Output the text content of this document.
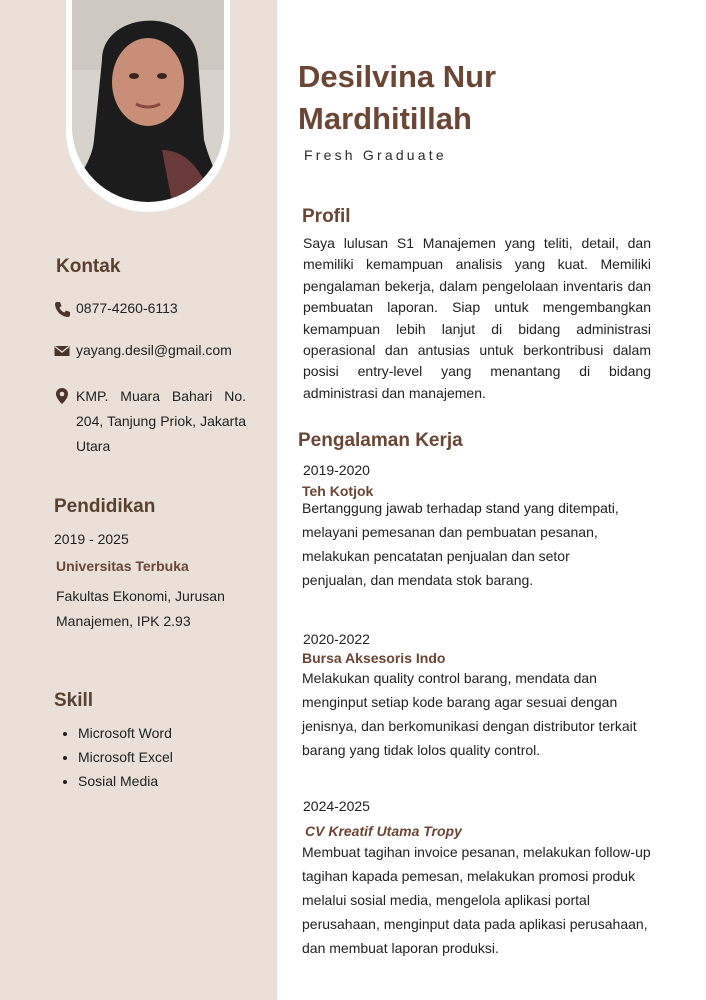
Desilvina Nur Mardhitillah
Fresh Graduate
Kontak
0877-4260-6113
yayang.desil@gmail.com
KMP. Muara Bahari No. 204, Tanjung Priok, Jakarta Utara
Pendidikan
2019 - 2025
Universitas Terbuka
Fakultas Ekonomi, Jurusan Manajemen, IPK 2.93
Skill
• Microsoft Word
• Microsoft Excel
• Sosial Media
Profil
Saya lulusan S1 Manajemen yang teliti, detail, dan memiliki kemampuan analisis yang kuat. Memiliki pengalaman bekerja, dalam pengelolaan inventaris dan pembuatan laporan. Siap untuk mengembangkan kemampuan lebih lanjut di bidang administrasi operasional dan antusias untuk berkontribusi dalam posisi entry-level yang menantang di bidang administrasi dan manajemen.
Pengalaman Kerja
2019-2020
Teh Kotjok
Bertanggung jawab terhadap stand yang ditempati, melayani pemesanan dan pembuatan pesanan, melakukan pencatatan penjualan dan setor penjualan, dan mendata stok barang.
2020-2022
Bursa Aksesoris Indo
Melakukan quality control barang, mendata dan menginput setiap kode barang agar sesuai dengan jenisnya, dan berkomunikasi dengan distributor terkait barang yang tidak lolos quality control.
2024-2025
CV Kreatif Utama Tropy
Membuat tagihan invoice pesanan, melakukan follow-up tagihan kapada pemesan, melakukan promosi produk melalui sosial media, mengelola aplikasi portal perusahaan, menginput data pada aplikasi perusahaan, dan membuat laporan produksi.
